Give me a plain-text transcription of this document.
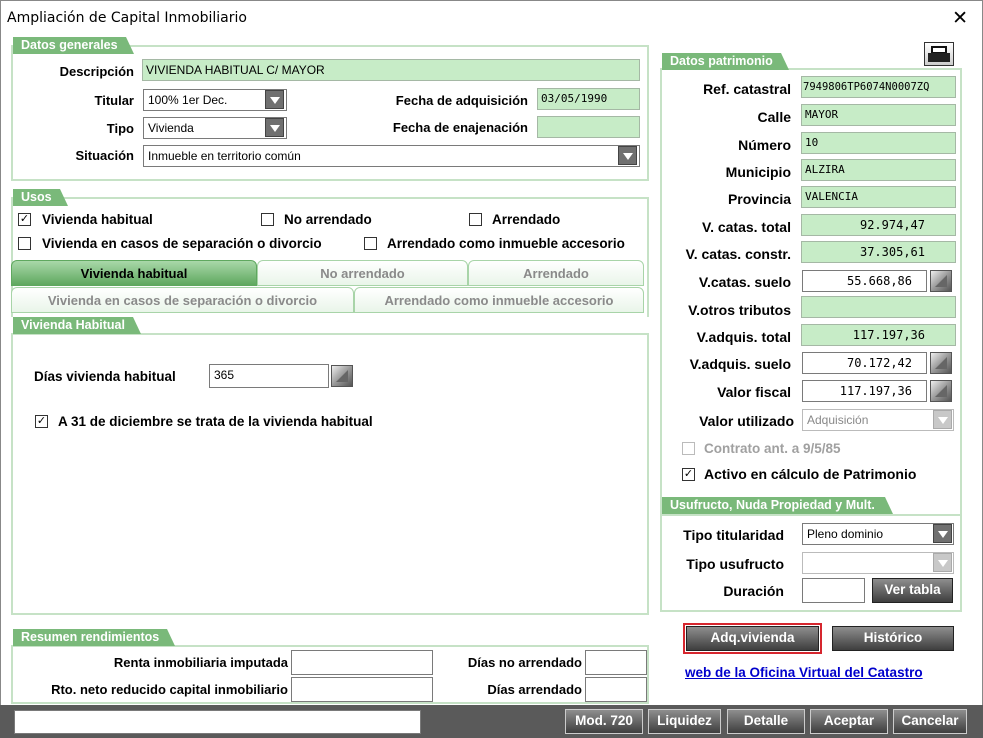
Ampliación de Capital Inmobiliario	✕
Datos generales
Descripción	VIVIENDA HABITUAL C/ MAYOR
Titular	100% 1er Dec.
Tipo	Vivienda
Situación	Inmueble en territorio común
Fecha de adquisición	03/05/1990
Fecha de enajenación
Usos
✓ Vivienda habitual	No arrendado	Arrendado
Vivienda en casos de separación o divorcio	Arrendado como inmueble accesorio
Vivienda habitual	No arrendado	Arrendado
Vivienda en casos de separación o divorcio	Arrendado como inmueble accesorio
Vivienda Habitual
Días vivienda habitual	365
✓ A 31 de diciembre se trata de la vivienda habitual
Resumen rendimientos
Renta inmobiliaria imputada
Rto. neto reducido capital inmobiliario
Días no arrendado
Días arrendado
Datos patrimonio
Ref. catastral 7949806TP6074N0007ZQ
Calle	MAYOR
Número	10
Municipio	ALZIRA
Provincia	VALENCIA
V. catas. total	92.974,47
V. catas. constr.	37.305,61
V.catas. suelo	55.668,86
V.otros tributos
V.adquis. total	117.197,36
V.adquis. suelo	70.172,42
Valor fiscal	117.197,36
Valor utilizado	Adquisición
Contrato ant. a 9/5/85
✓ Activo en cálculo de Patrimonio
Usufructo, Nuda Propiedad y Mult.
Tipo titularidad	Pleno dominio
Tipo usufructo
Duración	Ver tabla
Adq.vivienda	Histórico
web de la Oficina Virtual del Catastro
Mod. 720	Liquidez	Detalle	Aceptar	Cancelar
